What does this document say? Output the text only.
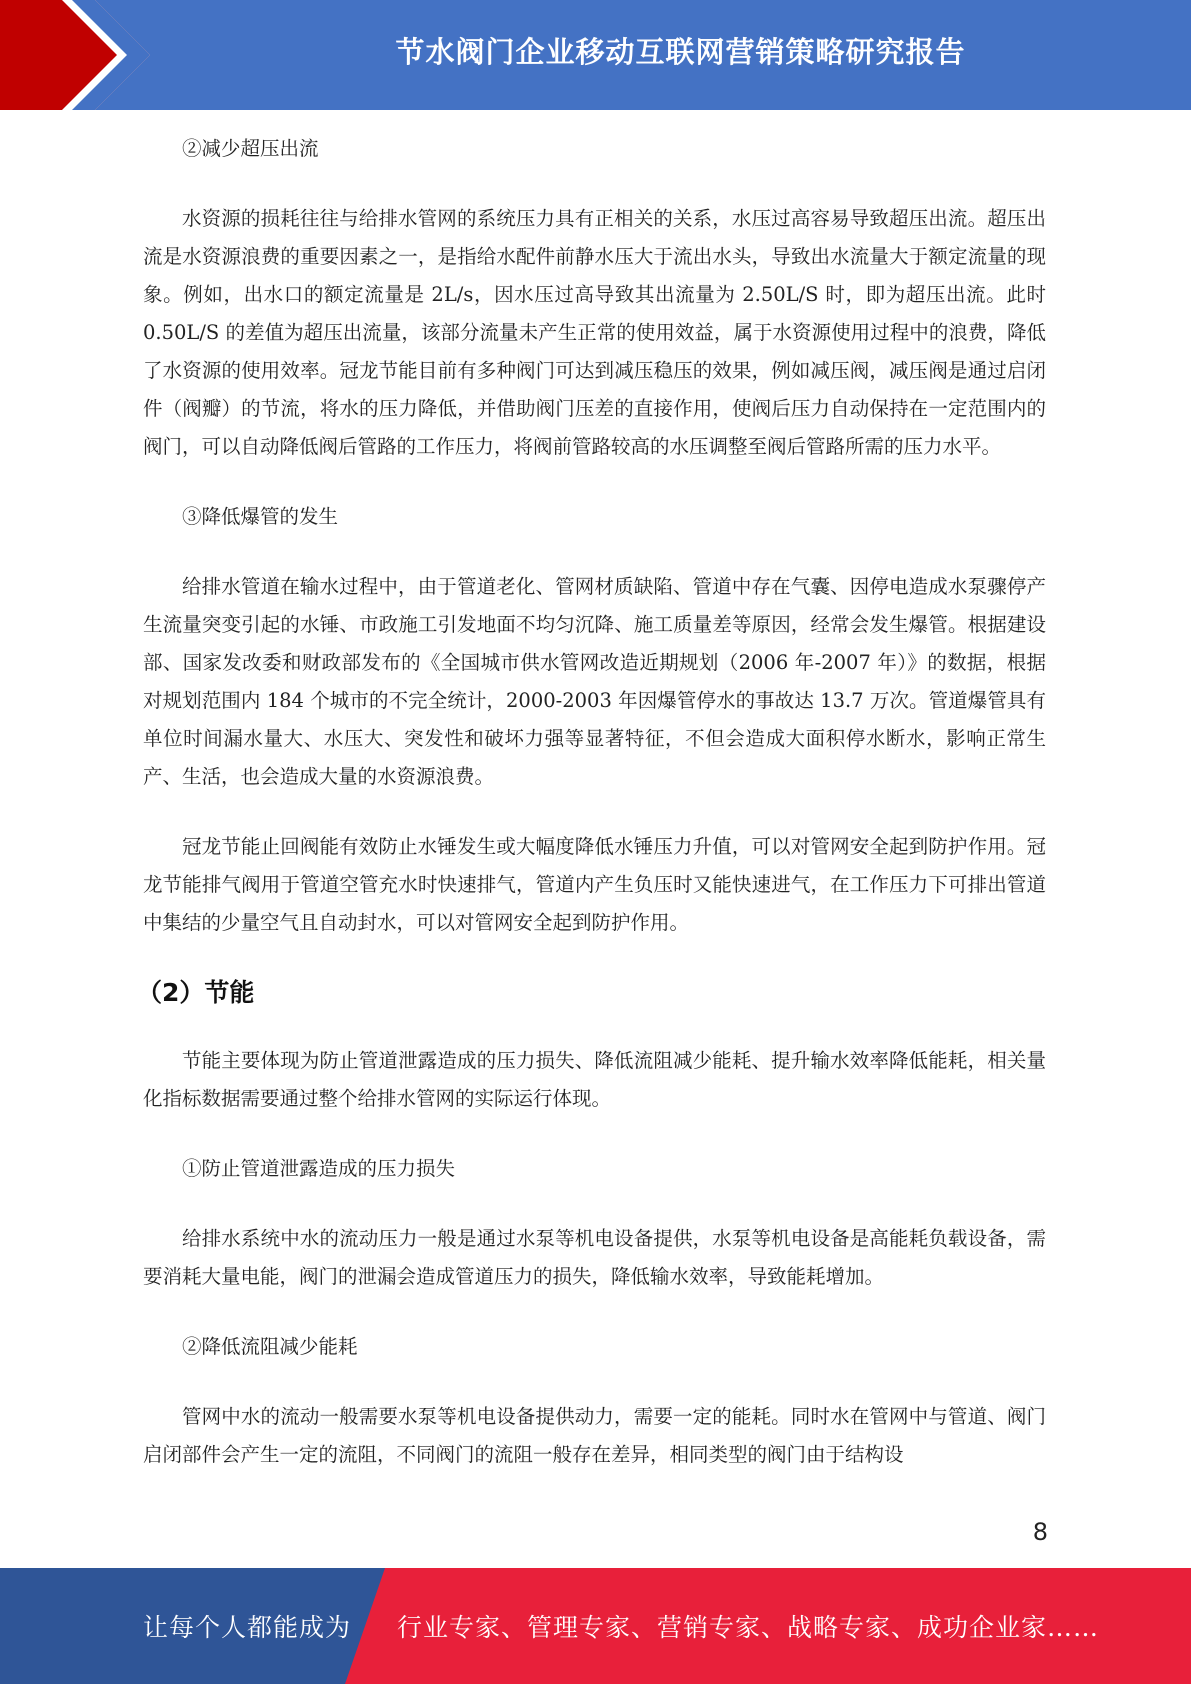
节水阀门企业移动互联网营销策略研究报告

②减少超压出流

水资源的损耗往往与给排水管网的系统压力具有正相关的关系，水压过高容易导致超压出流。超压出流是水资源浪费的重要因素之一，是指给水配件前静水压大于流出水头，导致出水流量大于额定流量的现象。例如，出水口的额定流量是 2L/s，因水压过高导致其出流量为 2.50L/S 时，即为超压出流。此时 0.50L/S 的差值为超压出流量，该部分流量未产生正常的使用效益，属于水资源使用过程中的浪费，降低了水资源的使用效率。冠龙节能目前有多种阀门可达到减压稳压的效果，例如减压阀，减压阀是通过启闭件（阀瓣）的节流，将水的压力降低，并借助阀门压差的直接作用，使阀后压力自动保持在一定范围内的阀门，可以自动降低阀后管路的工作压力，将阀前管路较高的水压调整至阀后管路所需的压力水平。

③降低爆管的发生

给排水管道在输水过程中，由于管道老化、管网材质缺陷、管道中存在气囊、因停电造成水泵骤停产生流量突变引起的水锤、市政施工引发地面不均匀沉降、施工质量差等原因，经常会发生爆管。根据建设部、国家发改委和财政部发布的《全国城市供水管网改造近期规划（2006 年-2007 年）》的数据，根据对规划范围内 184 个城市的不完全统计，2000-2003 年因爆管停水的事故达 13.7 万次。管道爆管具有单位时间漏水量大、水压大、突发性和破坏力强等显著特征，不但会造成大面积停水断水，影响正常生产、生活，也会造成大量的水资源浪费。

冠龙节能止回阀能有效防止水锤发生或大幅度降低水锤压力升值，可以对管网安全起到防护作用。冠龙节能排气阀用于管道空管充水时快速排气，管道内产生负压时又能快速进气，在工作压力下可排出管道中集结的少量空气且自动封水，可以对管网安全起到防护作用。

（2）节能

节能主要体现为防止管道泄露造成的压力损失、降低流阻减少能耗、提升输水效率降低能耗，相关量化指标数据需要通过整个给排水管网的实际运行体现。

①防止管道泄露造成的压力损失

给排水系统中水的流动压力一般是通过水泵等机电设备提供，水泵等机电设备是高能耗负载设备，需要消耗大量电能，阀门的泄漏会造成管道压力的损失，降低输水效率，导致能耗增加。

②降低流阻减少能耗

管网中水的流动一般需要水泵等机电设备提供动力，需要一定的能耗。同时水在管网中与管道、阀门启闭部件会产生一定的流阻，不同阀门的流阻一般存在差异，相同类型的阀门由于结构设

8
让每个人都能成为 行业专家、管理专家、营销专家、战略专家、成功企业家……
